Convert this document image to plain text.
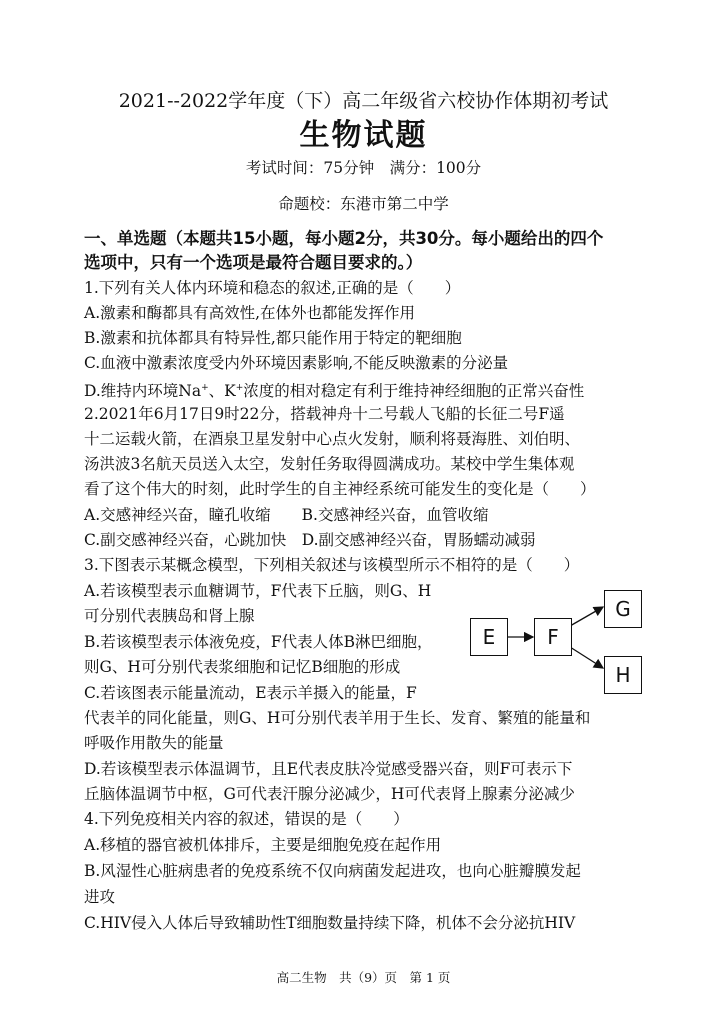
2021--2022学年度（下）高二年级省六校协作体期初考试
生物试题
考试时间：75分钟　满分：100分
命题校：东港市第二中学
一、单选题（本题共15小题，每小题2分，共30分。每小题给出的四个
选项中，只有一个选项是最符合题目要求的。）
1.下列有关人体内环境和稳态的叙述,正确的是（　　）
A.激素和酶都具有高效性,在体外也都能发挥作用
B.激素和抗体都具有特异性,都只能作用于特定的靶细胞
C.血液中激素浓度受内外环境因素影响,不能反映激素的分泌量
D.维持内环境Na+、K+浓度的相对稳定有利于维持神经细胞的正常兴奋性
2.2021年6月17日9时22分，搭载神舟十二号载人飞船的长征二号F遥
十二运载火箭，在酒泉卫星发射中心点火发射，顺利将聂海胜、刘伯明、
汤洪波3名航天员送入太空，发射任务取得圆满成功。某校中学生集体观
看了这个伟大的时刻，此时学生的自主神经系统可能发生的变化是（　　）
A.交感神经兴奋，瞳孔收缩　　B.交感神经兴奋，血管收缩
C.副交感神经兴奋，心跳加快　D.副交感神经兴奋，胃肠蠕动减弱
3.下图表示某概念模型，下列相关叙述与该模型所示不相符的是（　　）
A.若该模型表示血糖调节，F代表下丘脑，则G、H
可分别代表胰岛和肾上腺
B.若该模型表示体液免疫，F代表人体B淋巴细胞，
则G、H可分别代表浆细胞和记忆B细胞的形成
C.若该图表示能量流动，E表示羊摄入的能量，F
代表羊的同化能量，则G、H可分别代表羊用于生长、发育、繁殖的能量和
呼吸作用散失的能量
D.若该模型表示体温调节，且E代表皮肤冷觉感受器兴奋，则F可表示下
丘脑体温调节中枢，G可代表汗腺分泌减少，H可代表肾上腺素分泌减少
4.下列免疫相关内容的叙述，错误的是（　　）
A.移植的器官被机体排斥，主要是细胞免疫在起作用
B.风湿性心脏病患者的免疫系统不仅向病菌发起进攻，也向心脏瓣膜发起
进攻
C.HIV侵入人体后导致辅助性T细胞数量持续下降，机体不会分泌抗HIV
E	F
G
H
高二生物　共（9）页　第 1 页
